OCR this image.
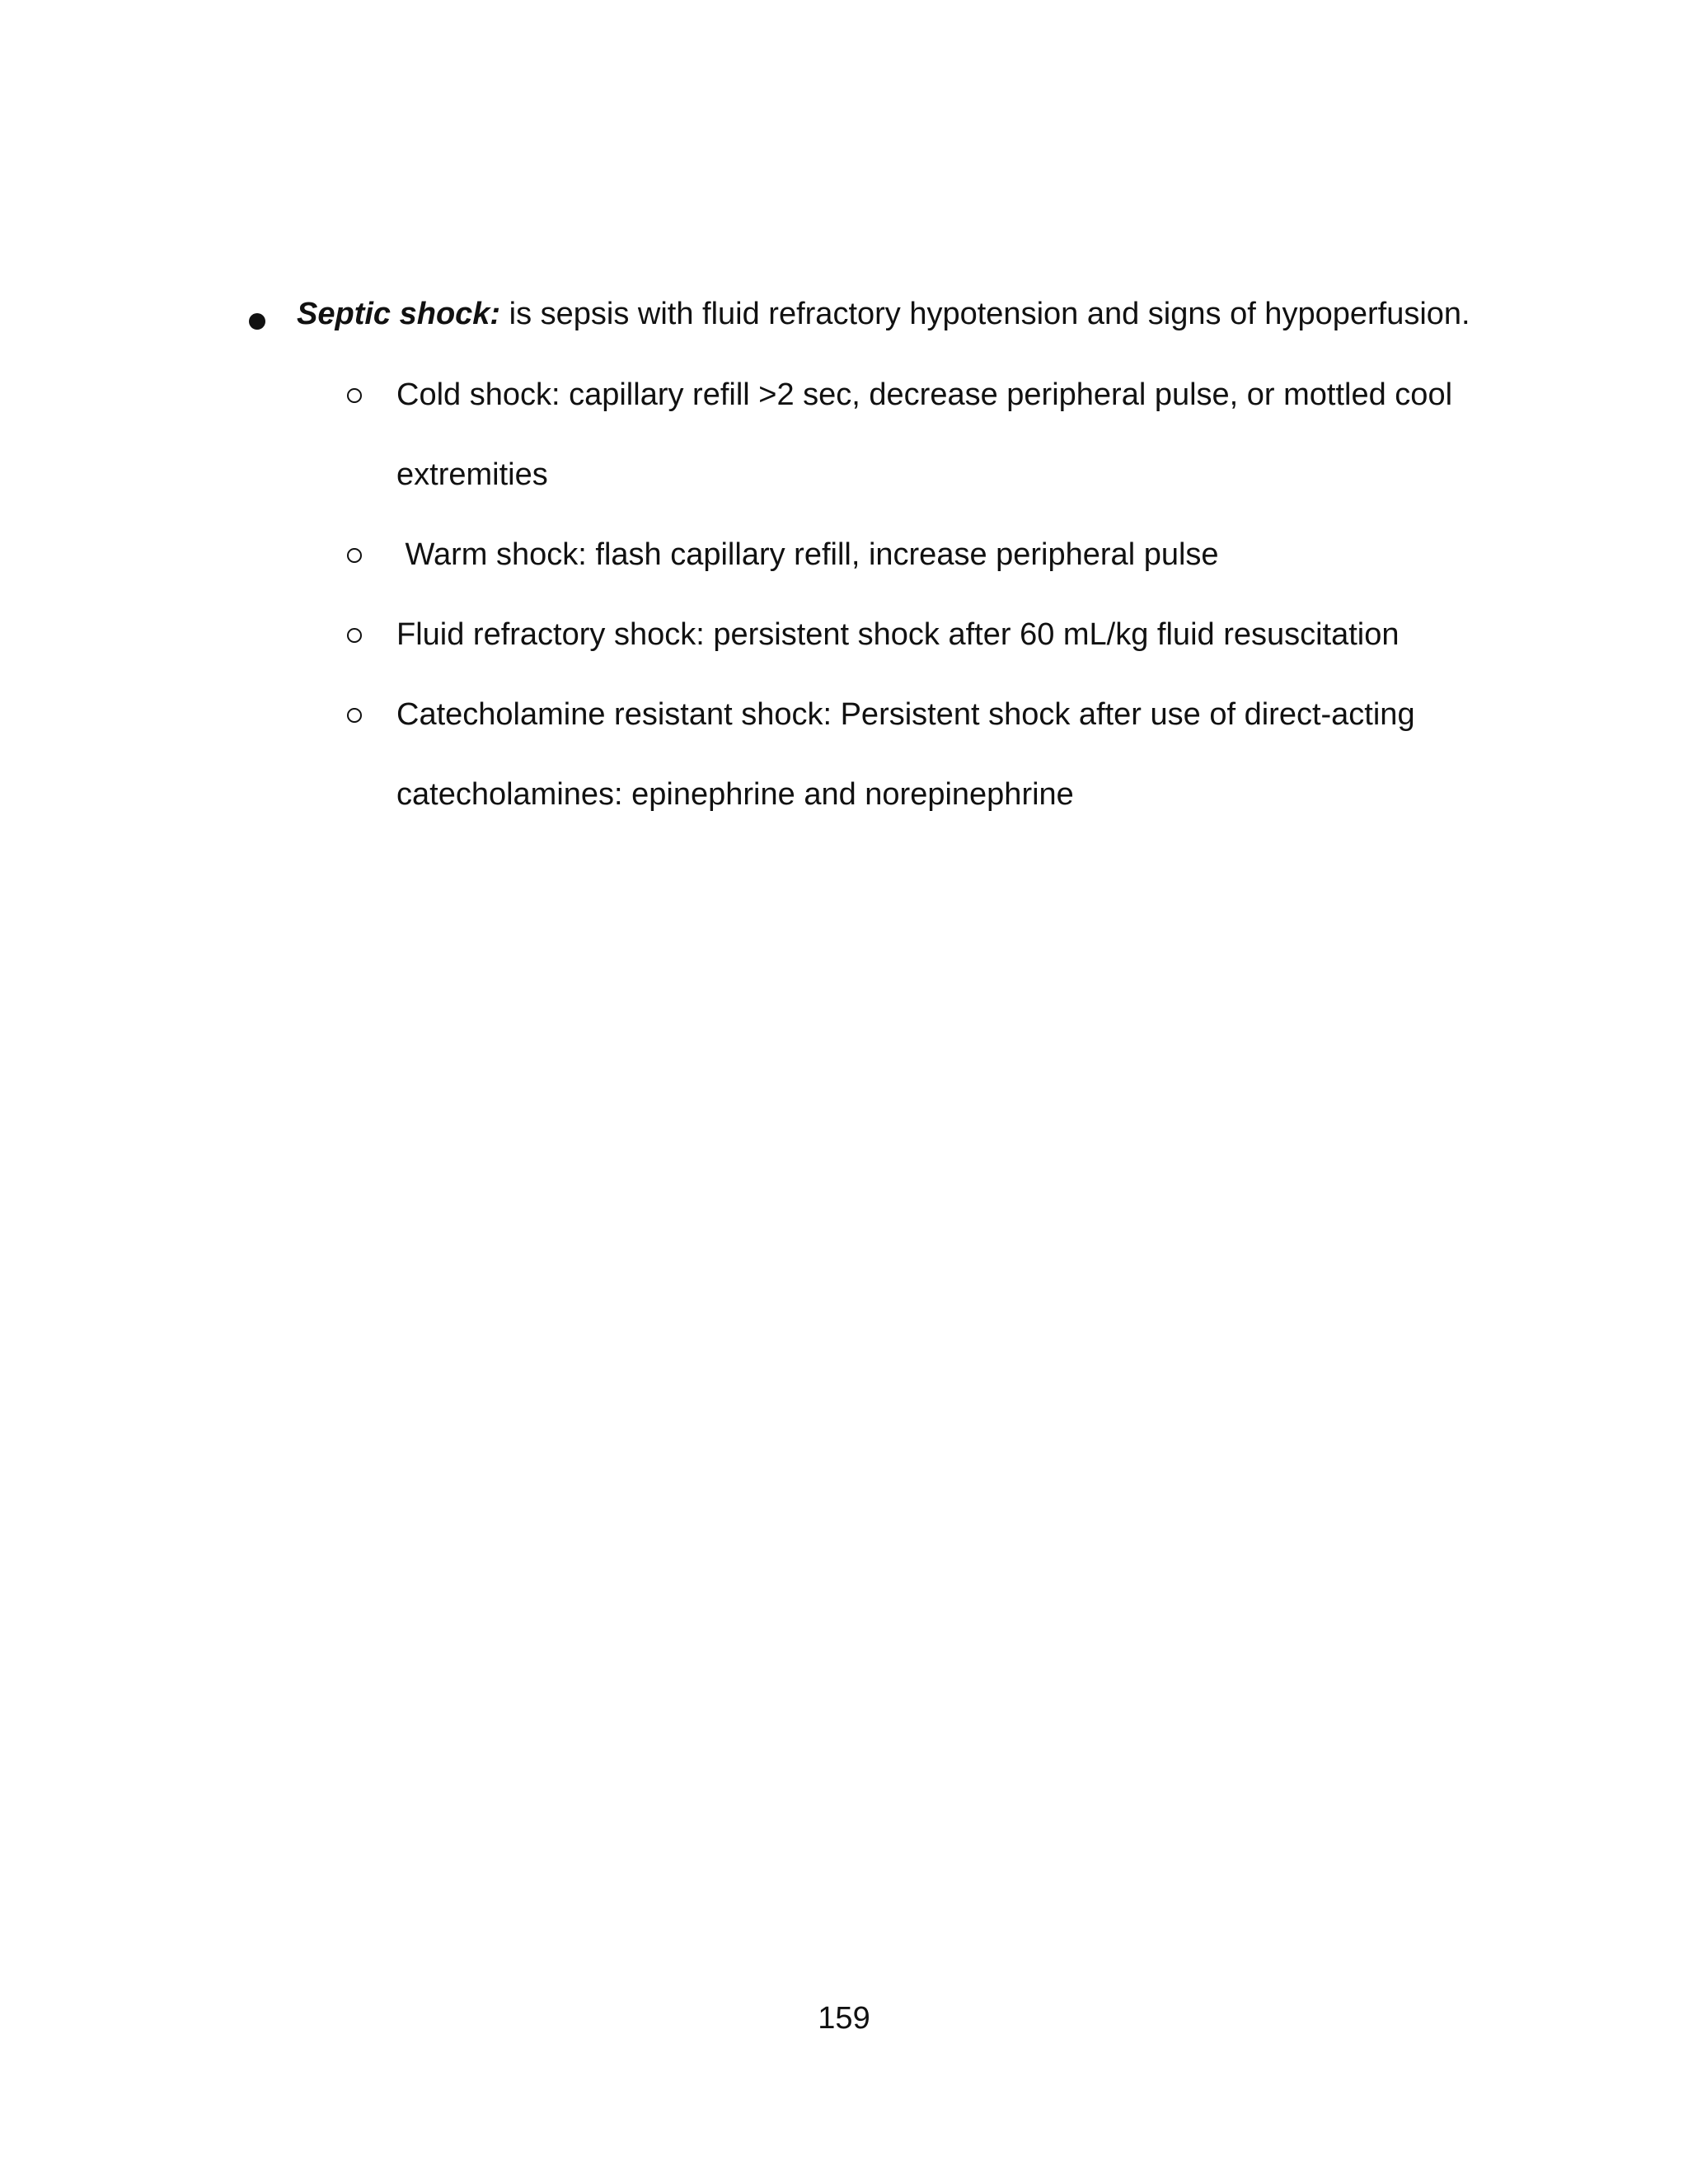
Septic shock: is sepsis with fluid refractory hypotension and signs of hypoperfusion.
Cold shock: capillary refill >2 sec, decrease peripheral pulse, or mottled cool
extremities
Warm shock: flash capillary refill, increase peripheral pulse
Fluid refractory shock: persistent shock after 60 mL/kg fluid resuscitation
Catecholamine resistant shock: Persistent shock after use of direct-acting
catecholamines: epinephrine and norepinephrine
159
